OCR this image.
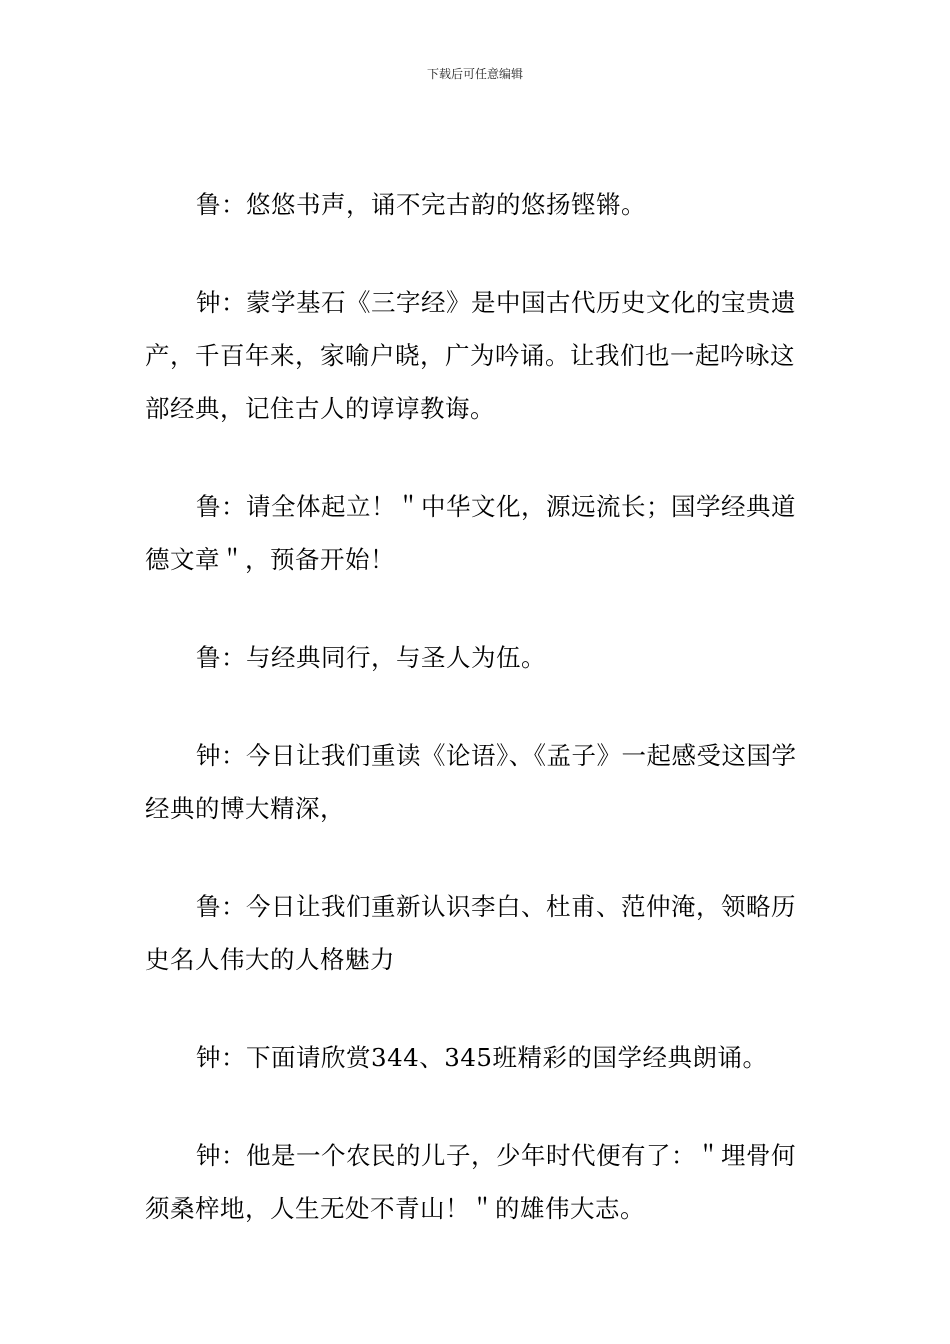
下载后可任意编辑

鲁：悠悠书声，诵不完古韵的悠扬铿锵。

钟：蒙学基石《三字经》是中国古代历史文化的宝贵遗产，千百年来，家喻户晓，广为吟诵。让我们也一起吟咏这部经典，记住古人的谆谆教诲。

鲁：请全体起立！＂中华文化，源远流长；国学经典道德文章＂，预备开始！

鲁：与经典同行，与圣人为伍。

钟：今日让我们重读《论语》、《孟子》一起感受这国学经典的博大精深，

鲁：今日让我们重新认识李白、杜甫、范仲淹，领略历史名人伟大的人格魅力

钟：下面请欣赏344、345班精彩的国学经典朗诵。

钟：他是一个农民的儿子，少年时代便有了：＂埋骨何须桑梓地，人生无处不青山！＂的雄伟大志。
